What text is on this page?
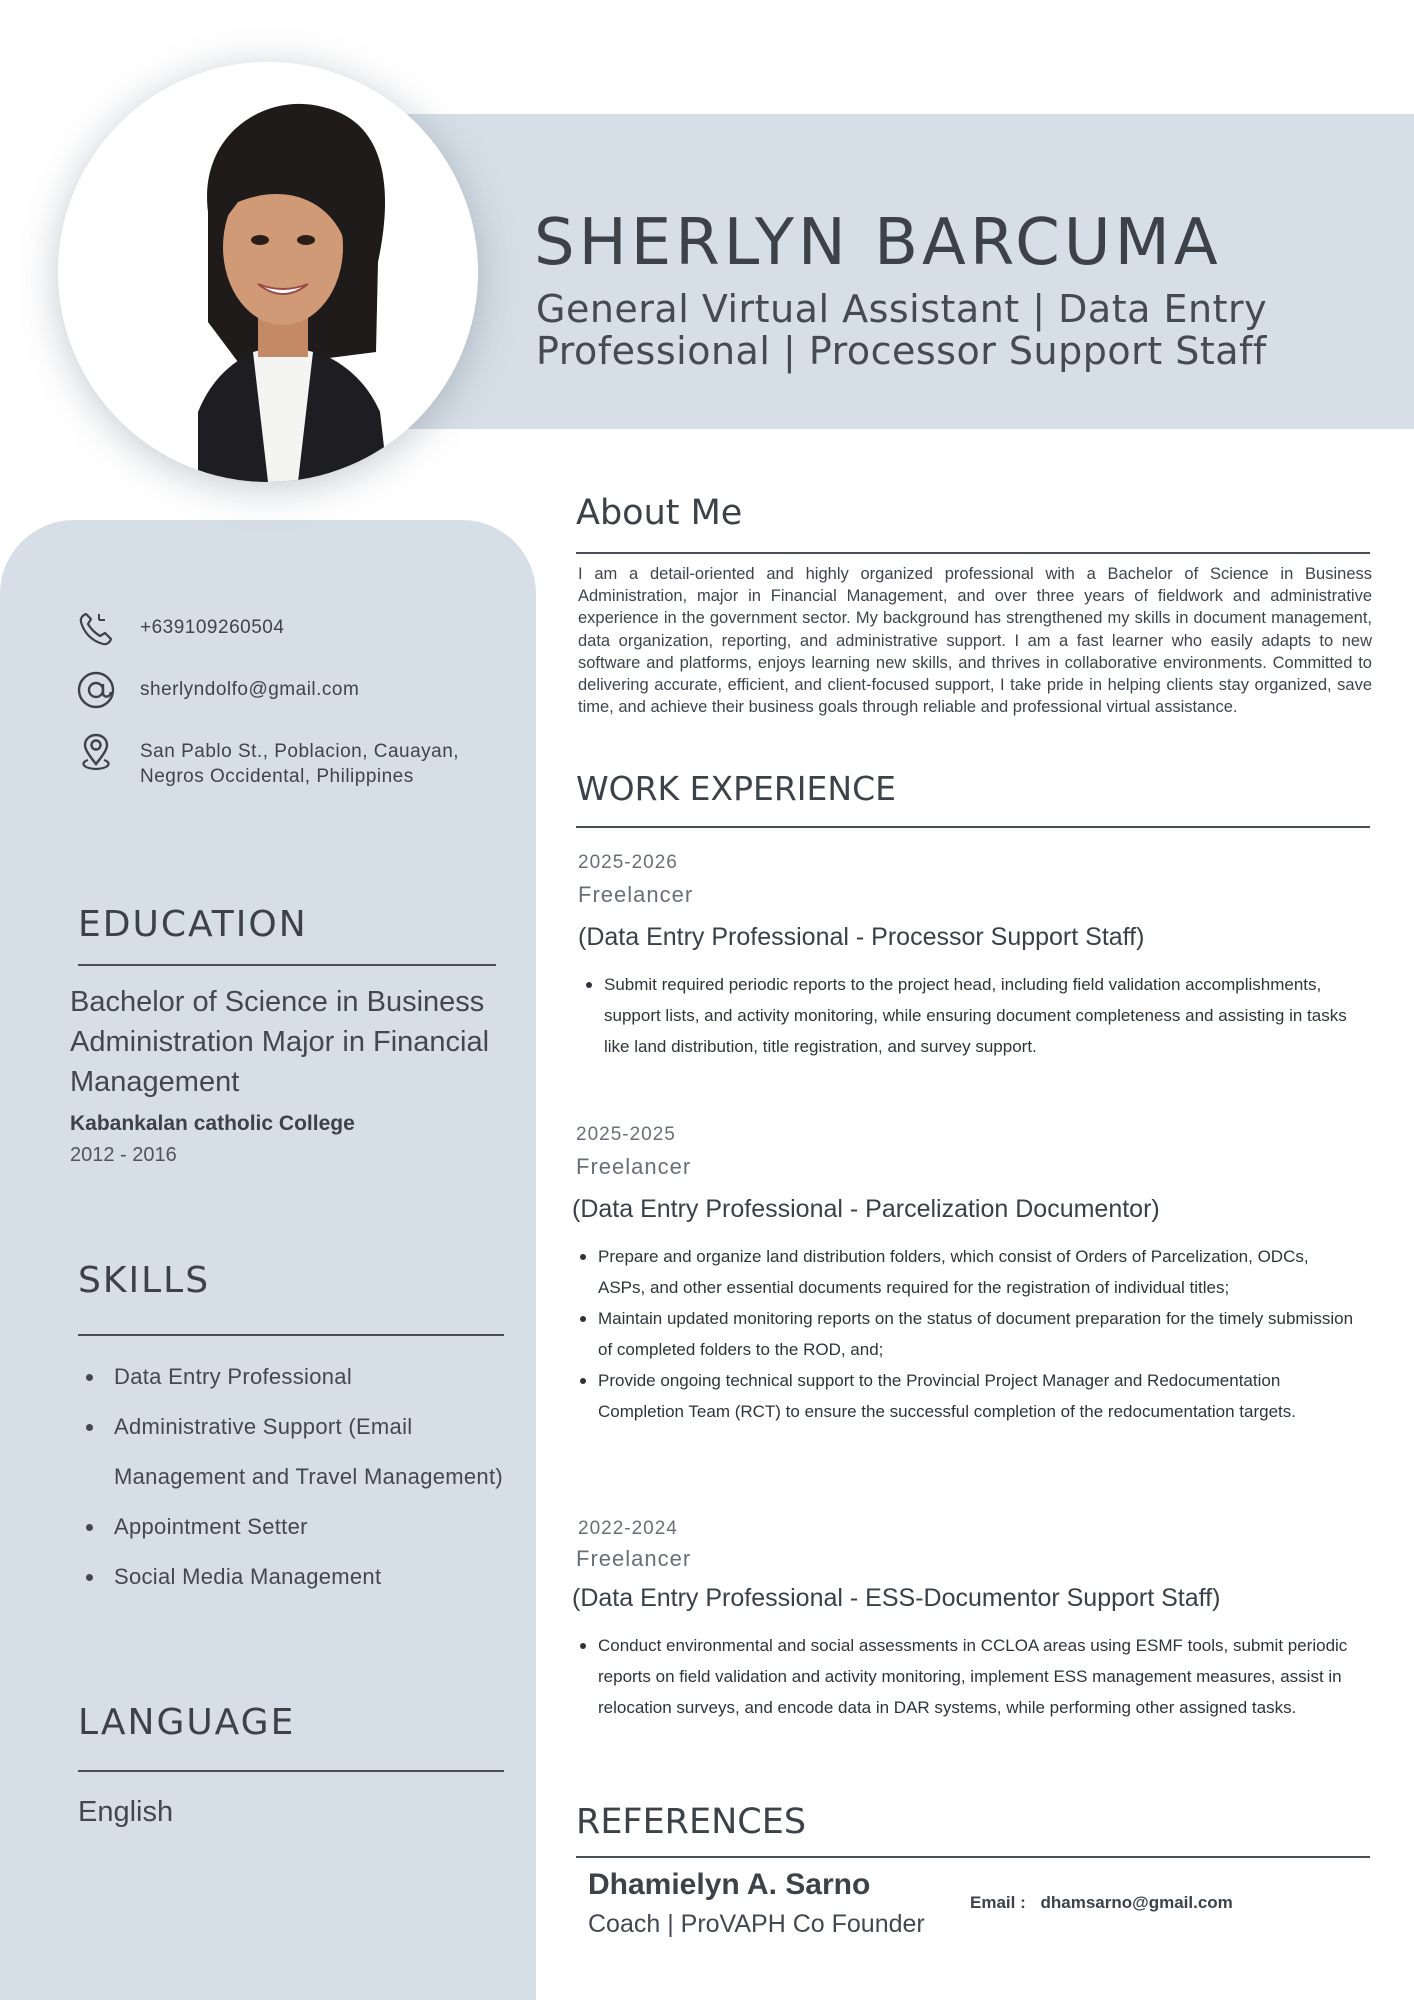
SHERLYN BARCUMA
General Virtual Assistant | Data Entry Professional | Processor Support Staff
+639109260504
sherlyndolfo@gmail.com
San Pablo St., Poblacion, Cauayan, Negros Occidental, Philippines
EDUCATION
Bachelor of Science in Business Administration Major in Financial Management
Kabankalan catholic College
2012 - 2016
SKILLS
Data Entry Professional
Administrative Support (Email Management and Travel Management)
Appointment Setter
Social Media Management
LANGUAGE
English
About Me
I am a detail-oriented and highly organized professional with a Bachelor of Science in Business Administration, major in Financial Management, and over three years of fieldwork and administrative experience in the government sector. My background has strengthened my skills in document management, data organization, reporting, and administrative support. I am a fast learner who easily adapts to new software and platforms, enjoys learning new skills, and thrives in collaborative environments. Committed to delivering accurate, efficient, and client-focused support, I take pride in helping clients stay organized, save time, and achieve their business goals through reliable and professional virtual assistance.
WORK EXPERIENCE
2025-2026
Freelancer
(Data Entry Professional - Processor Support Staff)
Submit required periodic reports to the project head, including field validation accomplishments, support lists, and activity monitoring, while ensuring document completeness and assisting in tasks like land distribution, title registration, and survey support.
2025-2025
Freelancer
(Data Entry Professional - Parcelization Documentor)
Prepare and organize land distribution folders, which consist of Orders of Parcelization, ODCs, ASPs, and other essential documents required for the registration of individual titles;
Maintain updated monitoring reports on the status of document preparation for the timely submission of completed folders to the ROD, and;
Provide ongoing technical support to the Provincial Project Manager and Redocumentation Completion Team (RCT) to ensure the successful completion of the redocumentation targets.
2022-2024
Freelancer
(Data Entry Professional - ESS-Documentor Support Staff)
Conduct environmental and social assessments in CCLOA areas using ESMF tools, submit periodic reports on field validation and activity monitoring, implement ESS management measures, assist in relocation surveys, and encode data in DAR systems, while performing other assigned tasks.
REFERENCES
Dhamielyn A. Sarno
Coach | ProVAPH Co Founder
Email : dhamsarno@gmail.com
